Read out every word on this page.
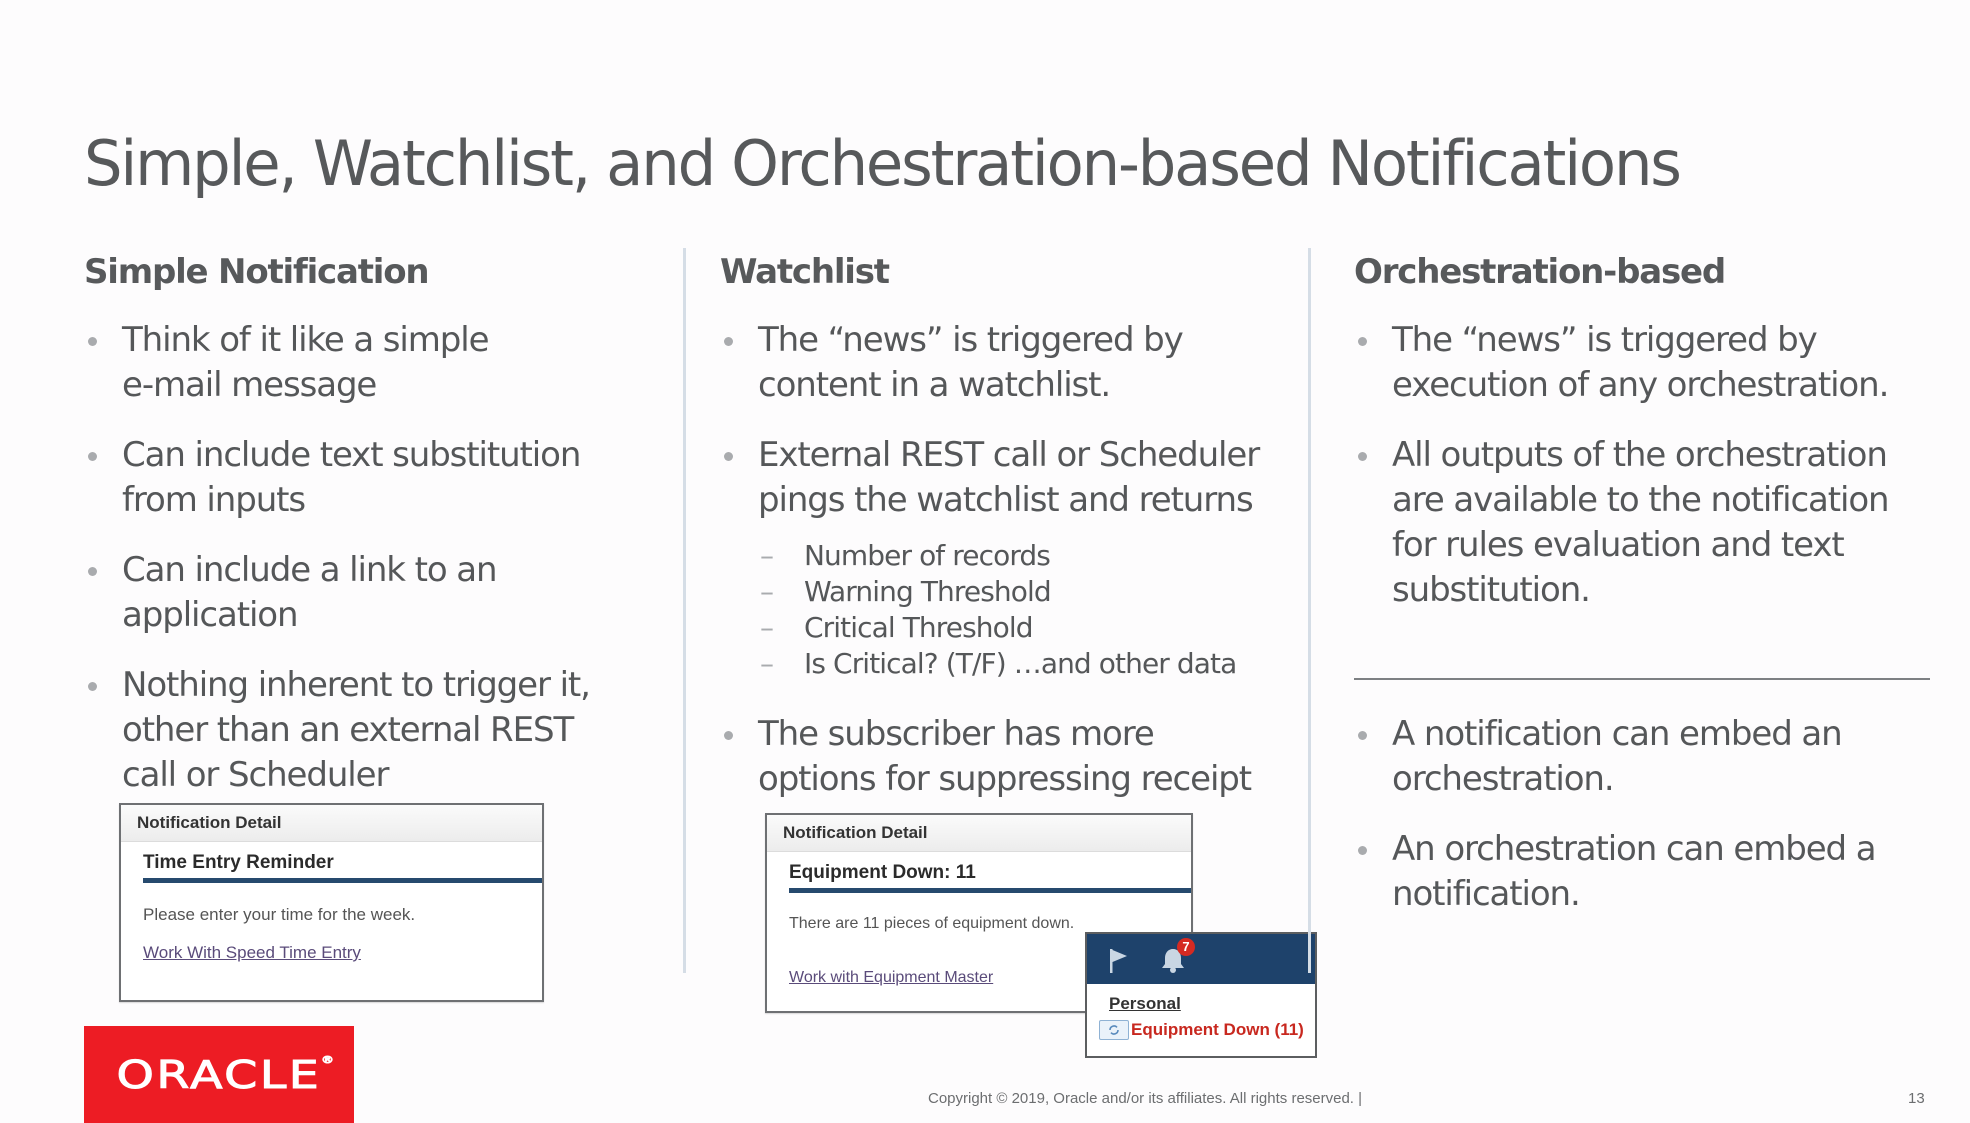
Simple, Watchlist, and Orchestration-based Notifications
Simple Notification
Think of it like a simple
e-mail message
Can include text substitution
from inputs
Can include a link to an
application
Nothing inherent to trigger it,
other than an external REST
call or Scheduler
Notification Detail
Time Entry Reminder
Please enter your time for the week.
Work With Speed Time Entry
Watchlist
The “news” is triggered by
content in a watchlist.
External REST call or Scheduler
pings the watchlist and returns
– Number of records
– Warning Threshold
– Critical Threshold
– Is Critical? (T/F) …and other data
The subscriber has more
options for suppressing receipt
Notification Detail
Equipment Down: 11
There are 11 pieces of equipment down.
Work with Equipment Master
7
Personal
Equipment Down (11)
Orchestration-based
The “news” is triggered by
execution of any orchestration.
All outputs of the orchestration
are available to the notification
for rules evaluation and text
substitution.
A notification can embed an
orchestration.
An orchestration can embed a
notification.
ORACLE ®
Copyright © 2019, Oracle and/or its affiliates. All rights reserved. |	13
